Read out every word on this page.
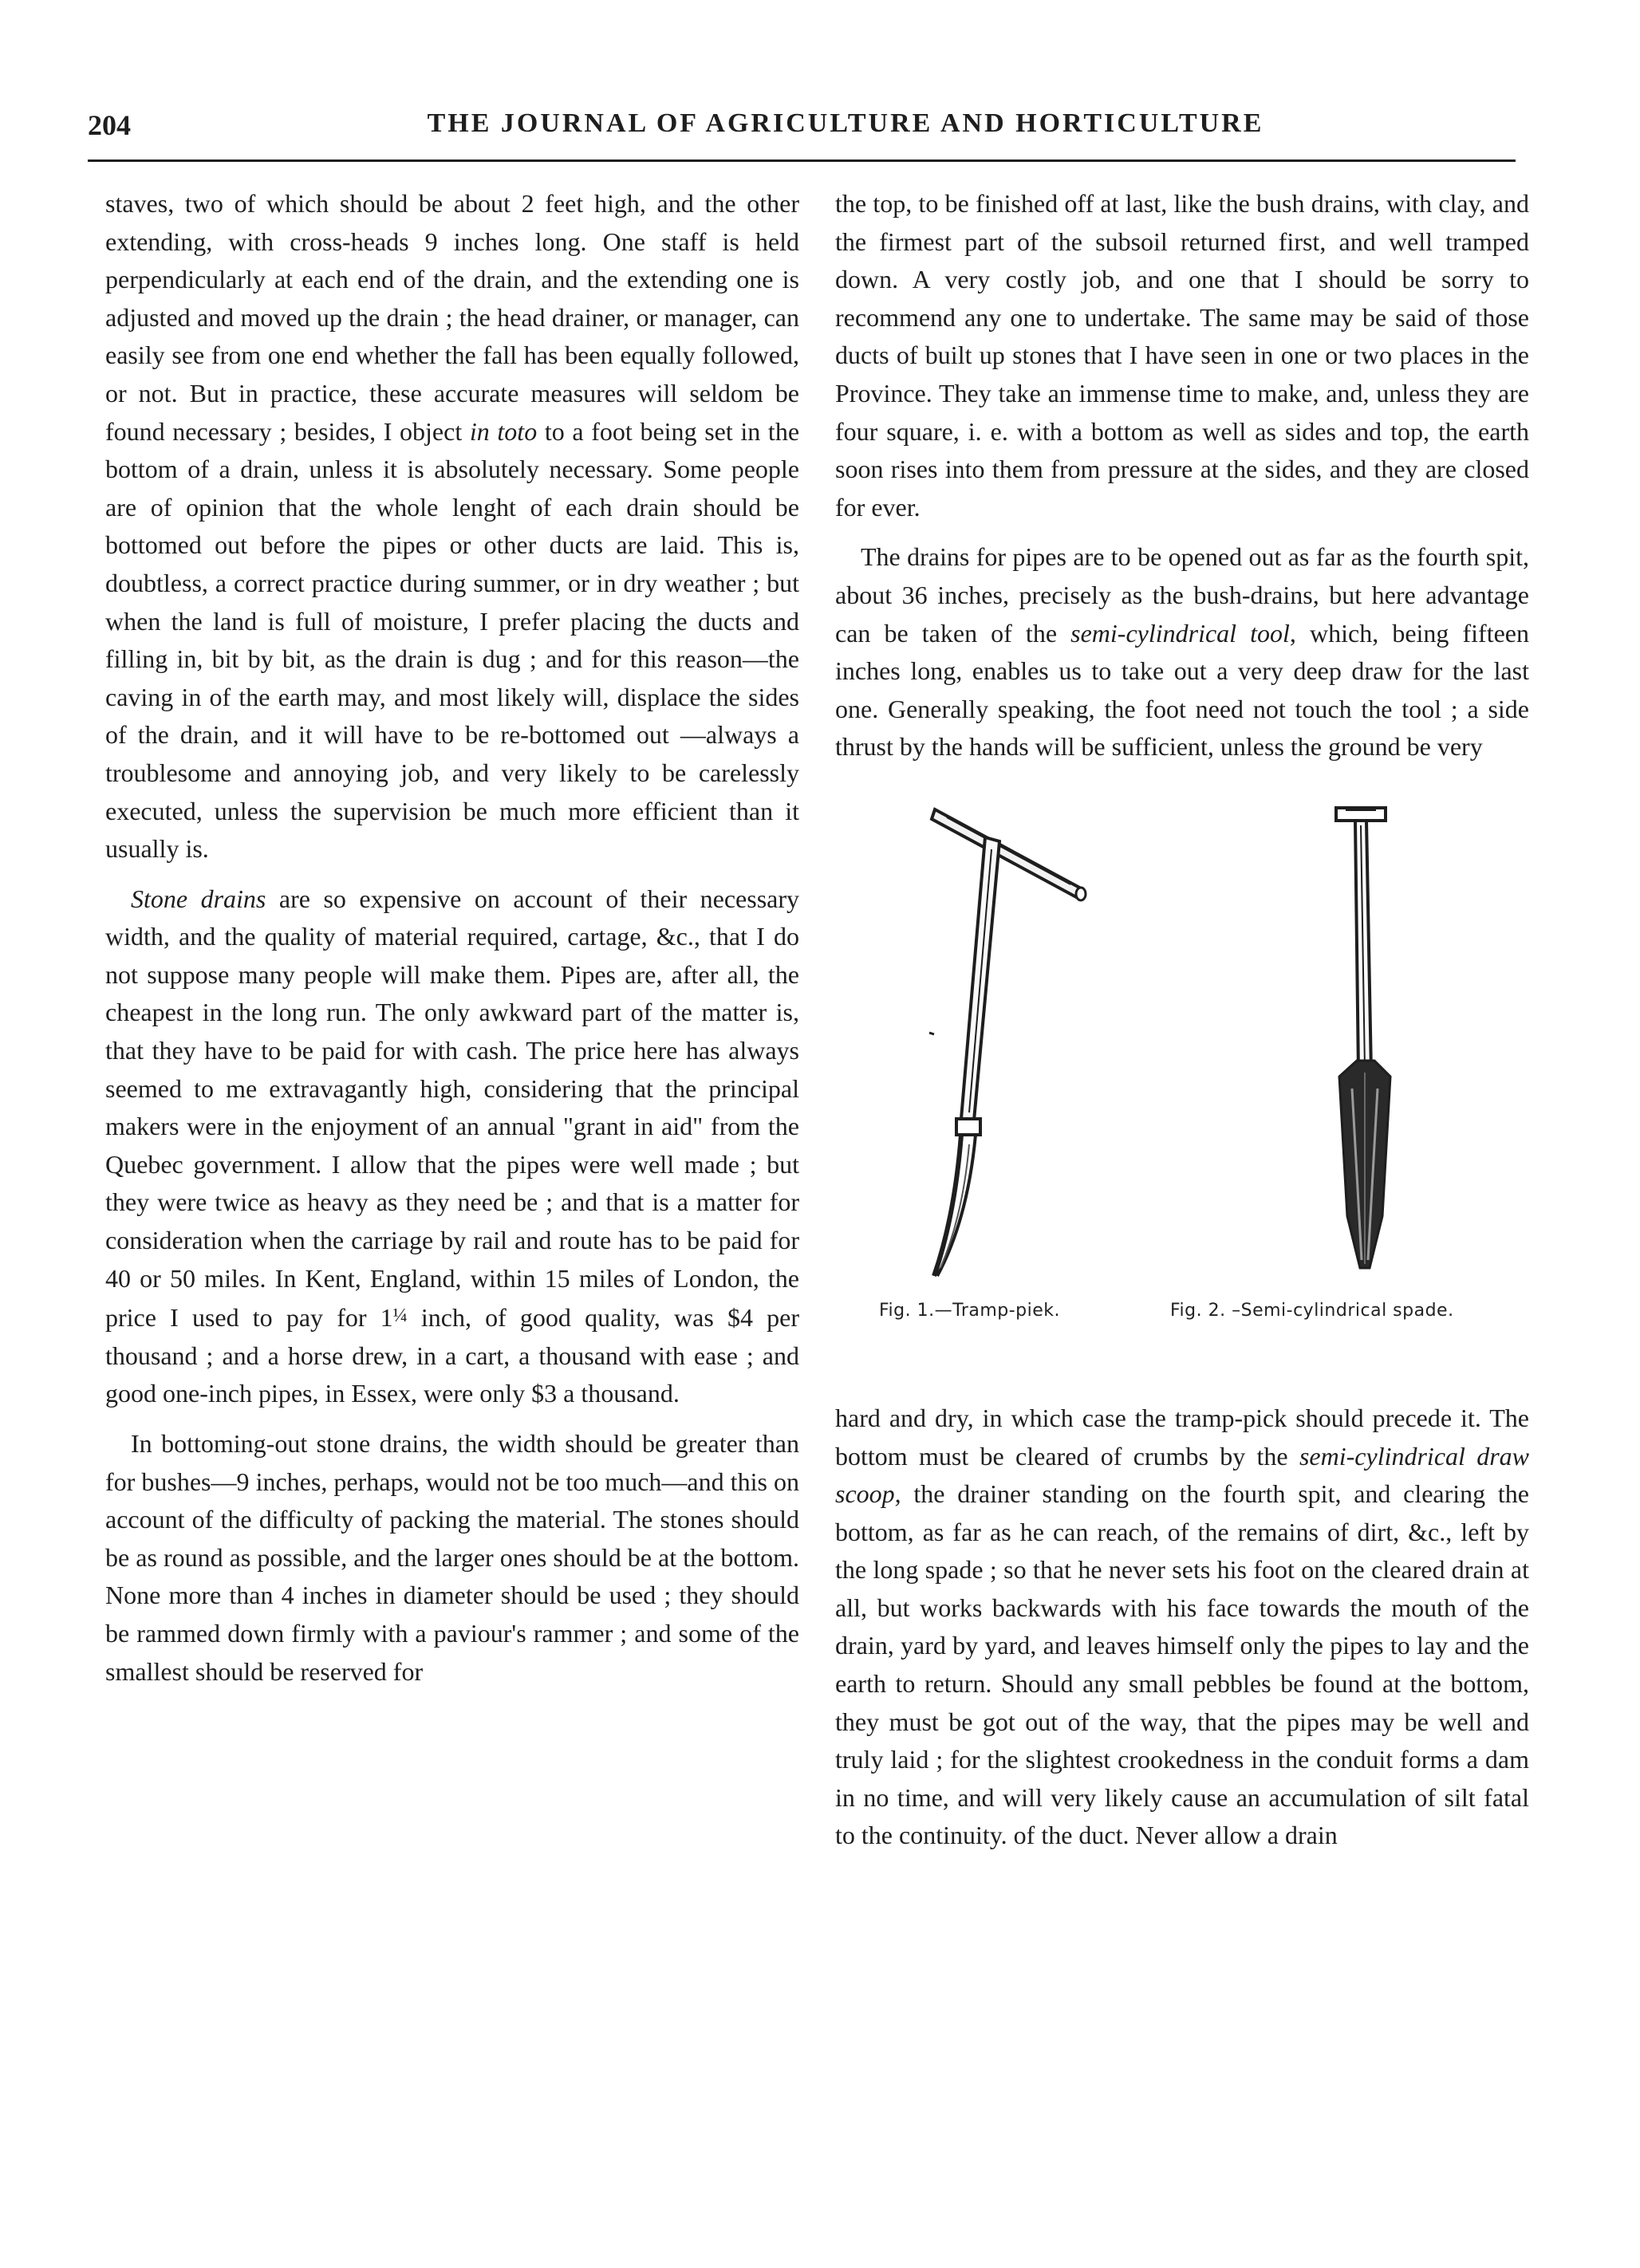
204	THE JOURNAL OF AGRICULTURE AND HORTICULTURE

staves, two of which should be about 2 feet high, and the other extending, with cross-heads 9 inches long. One staff is held perpendicularly at each end of the drain, and the extending one is adjusted and moved up the drain ; the head drainer, or manager, can easily see from one end whether the fall has been equally followed, or not. But in practice, these accurate measures will seldom be found necessary ; besides, I object in toto to a foot being set in the bottom of a drain, unless it is absolutely necessary. Some people are of opinion that the whole lenght of each drain should be bottomed out before the pipes or other ducts are laid. This is, doubtless, a correct practice during summer, or in dry weather ; but when the land is full of moisture, I prefer placing the ducts and filling in, bit by bit, as the drain is dug ; and for this reason—the caving in of the earth may, and most likely will, displace the sides of the drain, and it will have to be re-bottomed out —always a troublesome and annoying job, and very likely to be carelessly executed, unless the supervision be much more efficient than it usually is.

Stone drains are so expensive on account of their necessary width, and the quality of material required, cartage, &c., that I do not suppose many people will make them. Pipes are, after all, the cheapest in the long run. The only awkward part of the matter is, that they have to be paid for with cash. The price here has always seemed to me extravagantly high, considering that the principal makers were in the enjoyment of an annual "grant in aid" from the Quebec government. I allow that the pipes were well made ; but they were twice as heavy as they need be ; and that is a matter for consideration when the carriage by rail and route has to be paid for 40 or 50 miles. In Kent, England, within 15 miles of London, the price I used to pay for 1¼ inch, of good quality, was $4 per thousand ; and a horse drew, in a cart, a thousand with ease ; and good one-inch pipes, in Essex, were only $3 a thousand.

In bottoming-out stone drains, the width should be greater than for bushes—9 inches, perhaps, would not be too much—and this on account of the difficulty of packing the material. The stones should be as round as possible, and the larger ones should be at the bottom. None more than 4 inches in diameter should be used ; they should be rammed down firmly with a paviour's rammer ; and some of the smallest should be reserved for

the top, to be finished off at last, like the bush drains, with clay, and the firmest part of the subsoil returned first, and well tramped down. A very costly job, and one that I should be sorry to recommend any one to undertake. The same may be said of those ducts of built up stones that I have seen in one or two places in the Province. They take an immense time to make, and, unless they are four square, i. e. with a bottom as well as sides and top, the earth soon rises into them from pressure at the sides, and they are closed for ever.

The drains for pipes are to be opened out as far as the fourth spit, about 36 inches, precisely as the bush-drains, but here advantage can be taken of the semi-cylindrical tool, which, being fifteen inches long, enables us to take out a very deep draw for the last one. Generally speaking, the foot need not touch the tool ; a side thrust by the hands will be sufficient, unless the ground be very

Fig. 1.—Tramp-piek.	Fig. 2. –Semi-cylindrical spade.

hard and dry, in which case the tramp-pick should precede it. The bottom must be cleared of crumbs by the semi-cylindrical draw scoop, the drainer standing on the fourth spit, and clearing the bottom, as far as he can reach, of the remains of dirt, &c., left by the long spade ; so that he never sets his foot on the cleared drain at all, but works backwards with his face towards the mouth of the drain, yard by yard, and leaves himself only the pipes to lay and the earth to return. Should any small pebbles be found at the bottom, they must be got out of the way, that the pipes may be well and truly laid ; for the slightest crookedness in the conduit forms a dam in no time, and will very likely cause an accumulation of silt fatal to the continuity. of the duct. Never allow a drain
